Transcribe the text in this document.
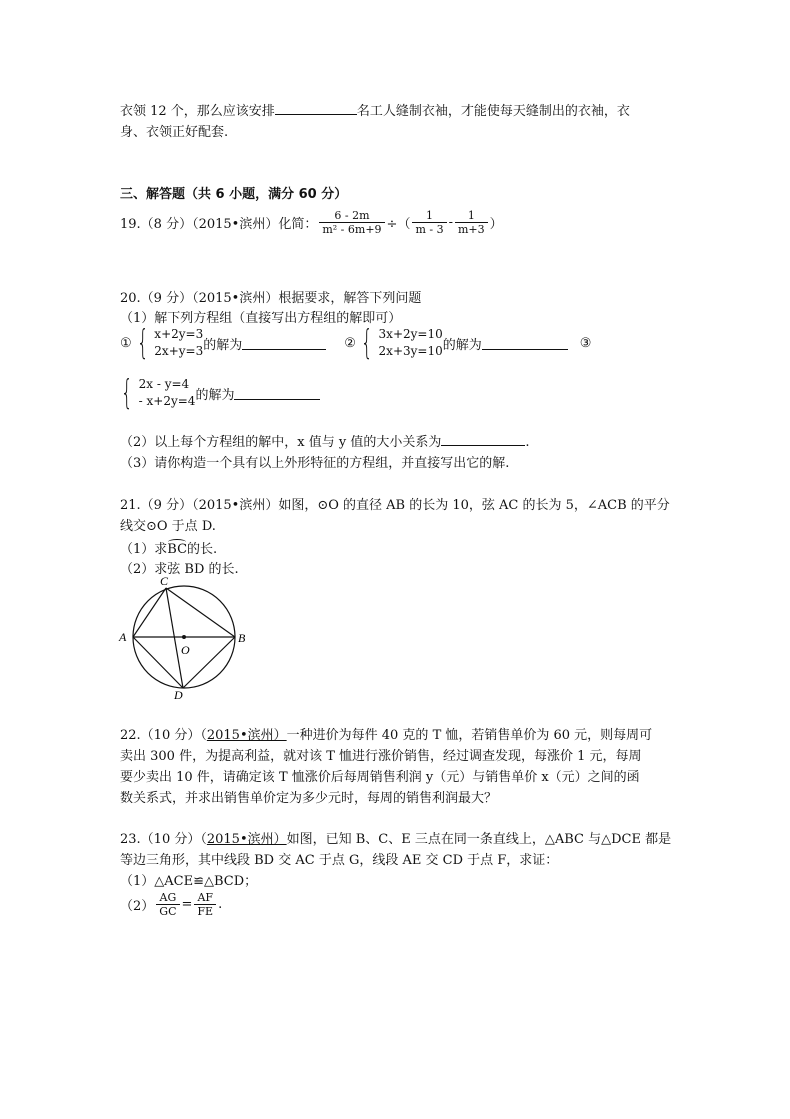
衣领 12 个，那么应该安排	名工人缝制衣袖，才能使每天缝制出的衣袖，衣
身、衣领正好配套.
三、解答题（共 6 小题，满分 60 分）
19.（8 分）（2015•滨州）化简： $\frac{6 - 2m}{\text{m² - 6m+9}}$ ÷（ $\frac{1}{m - 3} - \frac{1}{m+3}$ ）
20.（9 分）（2015•滨州）根据要求，解答下列问题
（1）解下列方程组（直接写出方程组的解即可）
① { x+2y=3
2x+y=3 的解为	② { 3x+2y=10
2x+3y=10 的解为	③
{ 2x - y=4
- x+2y=4 的解为
（2）以上每个方程组的解中，x 值与 y 值的大小关系为	.
（3）请你构造一个具有以上外形特征的方程组，并直接写出它的解.
21.（9 分）（2015•滨州）如图，⊙O 的直径 AB 的长为 10，弦 AC 的长为 5，∠ACB 的平分
线交⊙O 于点 D.
（1）求BC的长.
（2）求弦 BD 的长.
A	B
C
D
O
22.（10 分）（2015•滨州）一种进价为每件 40 克的 T 恤，若销售单价为 60 元，则每周可
卖出 300 件，为提高利益，就对该 T 恤进行涨价销售，经过调查发现，每涨价 1 元，每周
要少卖出 10 件，请确定该 T 恤涨价后每周销售利润 y（元）与销售单价 x（元）之间的函
数关系式，并求出销售单价定为多少元时，每周的销售利润最大？
23.（10 分）（2015•滨州）如图，已知 B、C、E 三点在同一条直线上，△ABC 与△DCE 都是
等边三角形，其中线段 BD 交 AC 于点 G，线段 AE 交 CD 于点 F，求证：
（1）△ACE≌△BCD；
$(2) \frac{AG}{GC} = \frac{AF}{FE}$ .
